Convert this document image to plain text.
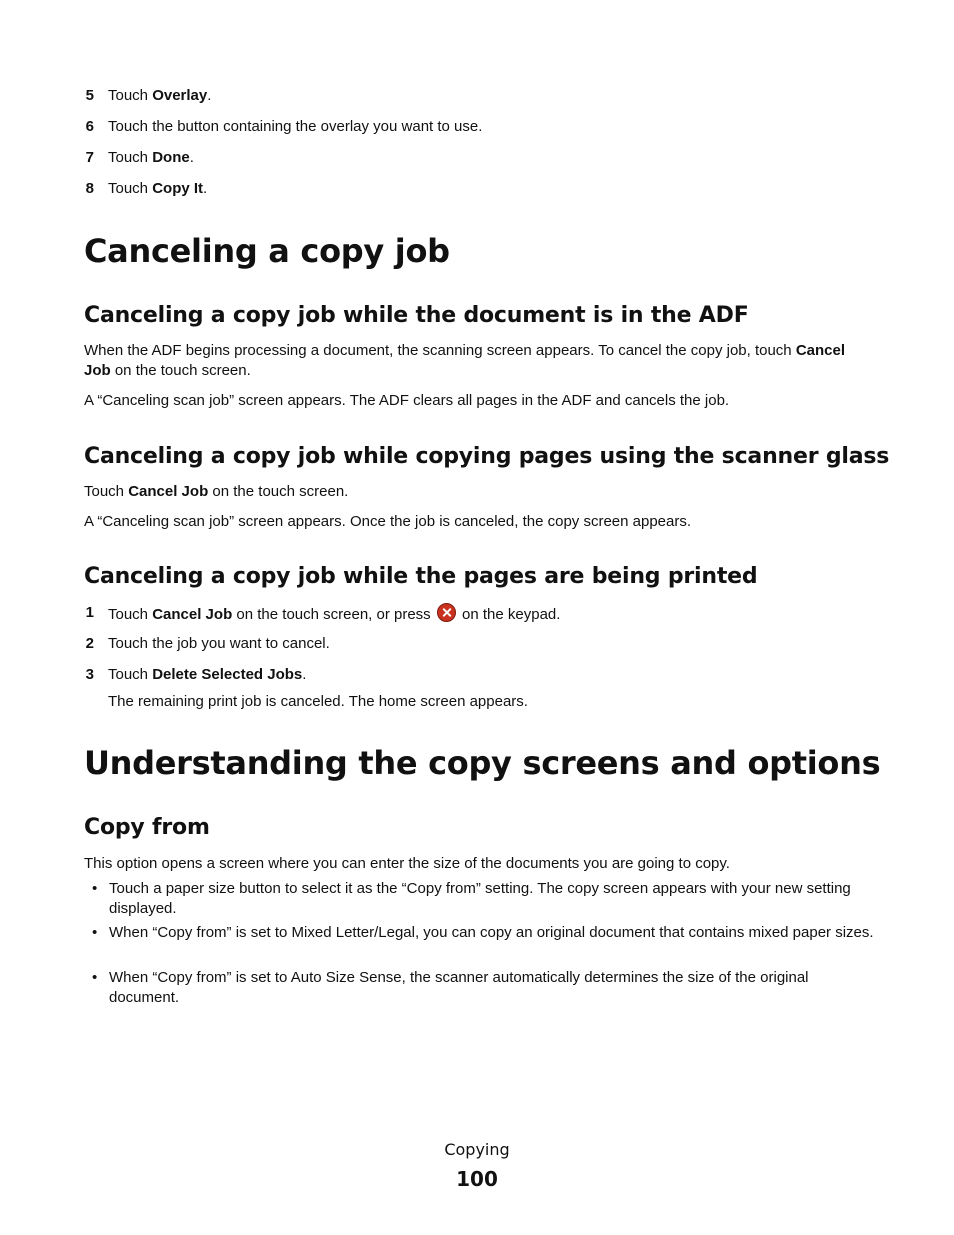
5 Touch Overlay.
6 Touch the button containing the overlay you want to use.
7 Touch Done.
8 Touch Copy It.
Canceling a copy job
Canceling a copy job while the document is in the ADF
When the ADF begins processing a document, the scanning screen appears. To cancel the copy job, touch Cancel
Job on the touch screen.
A “Canceling scan job” screen appears. The ADF clears all pages in the ADF and cancels the job.
Canceling a copy job while copying pages using the scanner glass
Touch Cancel Job on the touch screen.
A “Canceling scan job” screen appears. Once the job is canceled, the copy screen appears.
Canceling a copy job while the pages are being printed
1 Touch Cancel Job on the touch screen, or press  on the keypad.
2 Touch the job you want to cancel.
3 Touch Delete Selected Jobs.
The remaining print job is canceled. The home screen appears.
Understanding the copy screens and options
Copy from
This option opens a screen where you can enter the size of the documents you are going to copy.
• Touch a paper size button to select it as the “Copy from” setting. The copy screen appears with your new setting displayed.
• When “Copy from” is set to Mixed Letter/Legal, you can copy an original document that contains mixed paper sizes.
• When “Copy from” is set to Auto Size Sense, the scanner automatically determines the size of the original document.
Copying
100
